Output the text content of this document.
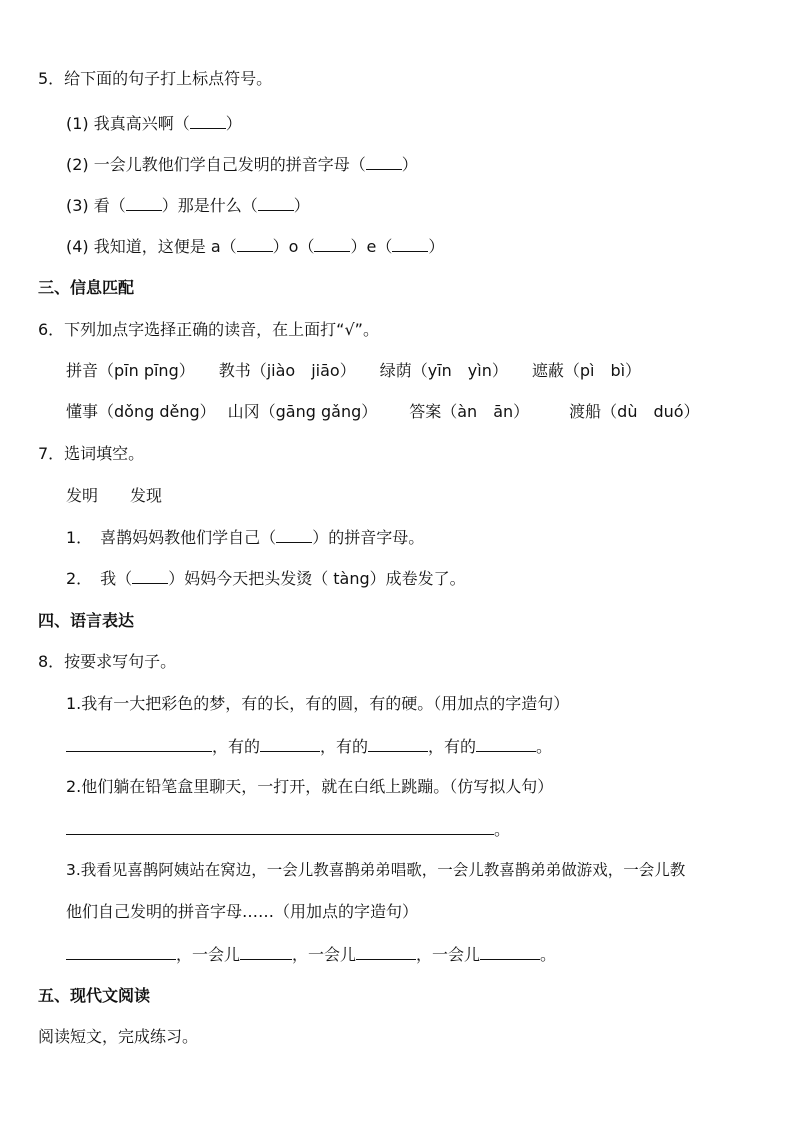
5．给下面的句子打上标点符号。
(1) 我真高兴啊（ ）
(2) 一会儿教他们学自己发明的拼音字母（ ）
(3) 看（ ）那是什么（ ）
(4) 我知道，这便是 a（ ）o（ ）e（ ）
三、信息匹配
6．下列加点字选择正确的读音，在上面打“√”。
拼音（pīn pīng） 教书（jiào　jiāo） 绿荫（yīn　yìn） 遮蔽（pì　bì）
懂事（dǒng děng） 山冈（gāng gǎng） 答案（àn　ān）	渡船（dù　duó）
7．选词填空。
发明　　发现
1．　喜鹊妈妈教他们学自己（ ）的拼音字母。
2．　我（ ）妈妈今天把头发烫（ tàng）成卷发了。
四、语言表达
8．按要求写句子。
1.我有一大把彩色的梦，有的长，有的圆，有的硬。（用加点的字造句）
，有的	，有的	，有的	。
2.他们躺在铅笔盒里聊天，一打开，就在白纸上跳蹦。（仿写拟人句）
。
3.我看见喜鹊阿姨站在窝边，一会儿教喜鹊弟弟唱歌，一会儿教喜鹊弟弟做游戏，一会儿教
他们自己发明的拼音字母……（用加点的字造句）
，一会儿	，一会儿	，一会儿	。
五、现代文阅读
阅读短文，完成练习。
